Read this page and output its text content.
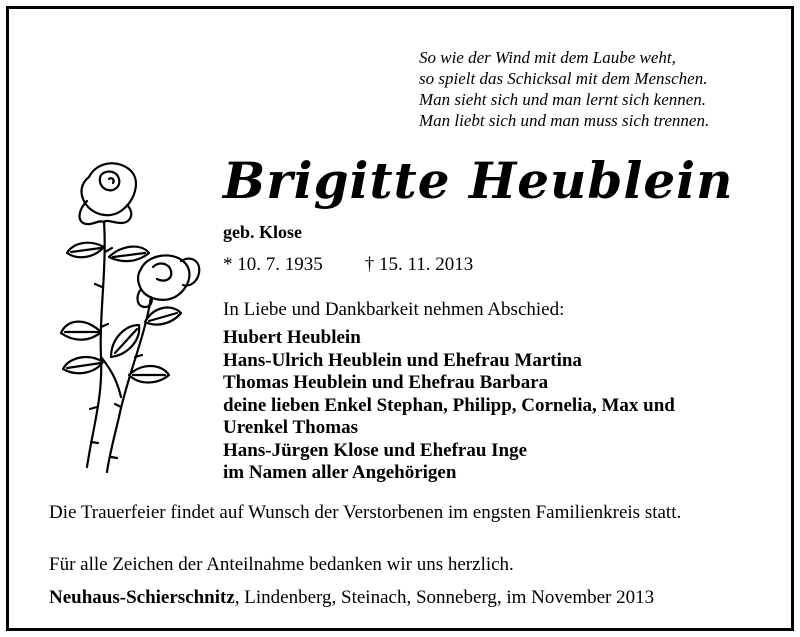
So wie der Wind mit dem Laube weht,
so spielt das Schicksal mit dem Menschen.
Man sieht sich und man lernt sich kennen.
Man liebt sich und man muss sich trennen.
Brigitte Heublein
geb. Klose
* 10. 7. 1935 † 15. 11. 2013
In Liebe und Dankbarkeit nehmen Abschied:
Hubert Heublein
Hans-Ulrich Heublein und Ehefrau Martina
Thomas Heublein und Ehefrau Barbara
deine lieben Enkel Stephan, Philipp, Cornelia, Max und
Urenkel Thomas
Hans-Jürgen Klose und Ehefrau Inge
im Namen aller Angehörigen
Die Trauerfeier findet auf Wunsch der Verstorbenen im engsten Familienkreis statt.
Für alle Zeichen der Anteilnahme bedanken wir uns herzlich.
Neuhaus-Schierschnitz, Lindenberg, Steinach, Sonneberg, im November 2013
